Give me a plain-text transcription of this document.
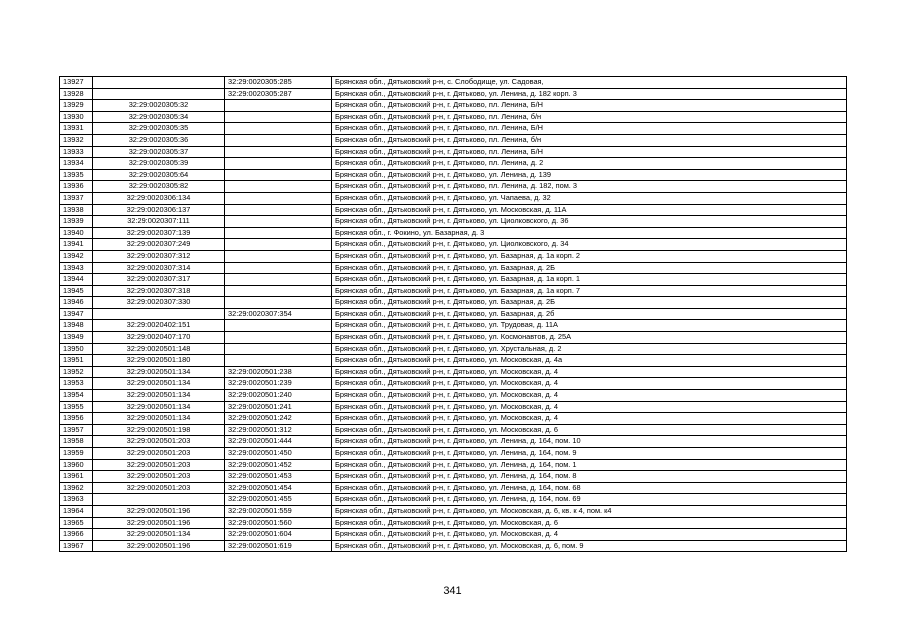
13927		32:29:0020305:285	Брянская обл., Дятьковский р-н, с. Слободище, ул. Садовая,
13928		32:29:0020305:287	Брянская обл., Дятьковский р-н, г. Дятьково, ул. Ленина, д. 182 корп. 3
13929	32:29:0020305:32		Брянская обл., Дятьковский р-н, г. Дятьково, пл. Ленина, Б/Н
13930	32:29:0020305:34		Брянская обл., Дятьковский р-н, г. Дятьково, пл. Ленина, б/н
13931	32:29:0020305:35		Брянская обл., Дятьковский р-н, г. Дятьково, пл. Ленина, Б/Н
13932	32:29:0020305:36		Брянская обл., Дятьковский р-н, г. Дятьково, пл. Ленина, б/н
13933	32:29:0020305:37		Брянская обл., Дятьковский р-н, г. Дятьково, пл. Ленина, Б/Н
13934	32:29:0020305:39		Брянская обл., Дятьковский р-н, г. Дятьково, пл. Ленина, д. 2
13935	32:29:0020305:64		Брянская обл., Дятьковский р-н, г. Дятьково, ул. Ленина, д. 139
13936	32:29:0020305:82		Брянская обл., Дятьковский р-н, г. Дятьково, пл. Ленина, д. 182, пом. 3
13937	32:29:0020306:134		Брянская обл., Дятьковский р-н, г. Дятьково, ул. Чапаева, д. 32
13938	32:29:0020306:137		Брянская обл., Дятьковский р-н, г. Дятьково, ул. Московская, д. 11А
13939	32:29:0020307:111		Брянская обл., Дятьковский р-н, г. Дятьково, ул. Циолковского, д. 36
13940	32:29:0020307:139		Брянская обл., г. Фокино, ул. Базарная, д. 3
13941	32:29:0020307:249		Брянская обл., Дятьковский р-н, г. Дятьково, ул. Циолковского, д. 34
13942	32:29:0020307:312		Брянская обл., Дятьковский р-н, г. Дятьково, ул. Базарная, д. 1а корп. 2
13943	32:29:0020307:314		Брянская обл., Дятьковский р-н, г. Дятьково, ул. Базарная, д. 2Б
13944	32:29:0020307:317		Брянская обл., Дятьковский р-н, г. Дятьково, ул. Базарная, д. 1а корп. 1
13945	32:29:0020307:318		Брянская обл., Дятьковский р-н, г. Дятьково, ул. Базарная, д. 1а корп. 7
13946	32:29:0020307:330		Брянская обл., Дятьковский р-н, г. Дятьково, ул. Базарная, д. 2Б
13947		32:29:0020307:354	Брянская обл., Дятьковский р-н, г. Дятьково, ул. Базарная, д. 2б
13948	32:29:0020402:151		Брянская обл., Дятьковский р-н, г. Дятьково, ул. Трудовая, д. 11А
13949	32:29:0020407:170		Брянская обл., Дятьковский р-н, г. Дятьково, ул. Космонавтов, д. 25А
13950	32:29:0020501:148		Брянская обл., Дятьковский р-н, г. Дятьково, ул. Хрустальная, д. 2
13951	32:29:0020501:180		Брянская обл., Дятьковский р-н, г. Дятьково, ул. Московская, д. 4а
13952	32:29:0020501:134	32:29:0020501:238	Брянская обл., Дятьковский р-н, г. Дятьково, ул. Московская, д. 4
13953	32:29:0020501:134	32:29:0020501:239	Брянская обл., Дятьковский р-н, г. Дятьково, ул. Московская, д. 4
13954	32:29:0020501:134	32:29:0020501:240	Брянская обл., Дятьковский р-н, г. Дятьково, ул. Московская, д. 4
13955	32:29:0020501:134	32:29:0020501:241	Брянская обл., Дятьковский р-н, г. Дятьково, ул. Московская, д. 4
13956	32:29:0020501:134	32:29:0020501:242	Брянская обл., Дятьковский р-н, г. Дятьково, ул. Московская, д. 4
13957	32:29:0020501:198	32:29:0020501:312	Брянская обл., Дятьковский р-н, г. Дятьково, ул. Московская, д. 6
13958	32:29:0020501:203	32:29:0020501:444	Брянская обл., Дятьковский р-н, г. Дятьково, ул. Ленина, д. 164, пом. 10
13959	32:29:0020501:203	32:29:0020501:450	Брянская обл., Дятьковский р-н, г. Дятьково, ул. Ленина, д. 164, пом. 9
13960	32:29:0020501:203	32:29:0020501:452	Брянская обл., Дятьковский р-н, г. Дятьково, ул. Ленина, д. 164, пом. 1
13961	32:29:0020501:203	32:29:0020501:453	Брянская обл., Дятьковский р-н, г. Дятьково, ул. Ленина, д. 164, пом. 8
13962	32:29:0020501:203	32:29:0020501:454	Брянская обл., Дятьковский р-н, г. Дятьково, ул. Ленина, д. 164, пом. 68
13963		32:29:0020501:455	Брянская обл., Дятьковский р-н, г. Дятьково, ул. Ленина, д. 164, пом. 69
13964	32:29:0020501:196	32:29:0020501:559	Брянская обл., Дятьковский р-н, г. Дятьково, ул. Московская, д. 6, кв. к 4, пом. к4
13965	32:29:0020501:196	32:29:0020501:560	Брянская обл., Дятьковский р-н, г. Дятьково, ул. Московская, д. 6
13966	32:29:0020501:134	32:29:0020501:604	Брянская обл., Дятьковский р-н, г. Дятьково, ул. Московская, д. 4
13967	32:29:0020501:196	32:29:0020501:619	Брянская обл., Дятьковский р-н, г. Дятьково, ул. Московская, д. 6, пом. 9
341
